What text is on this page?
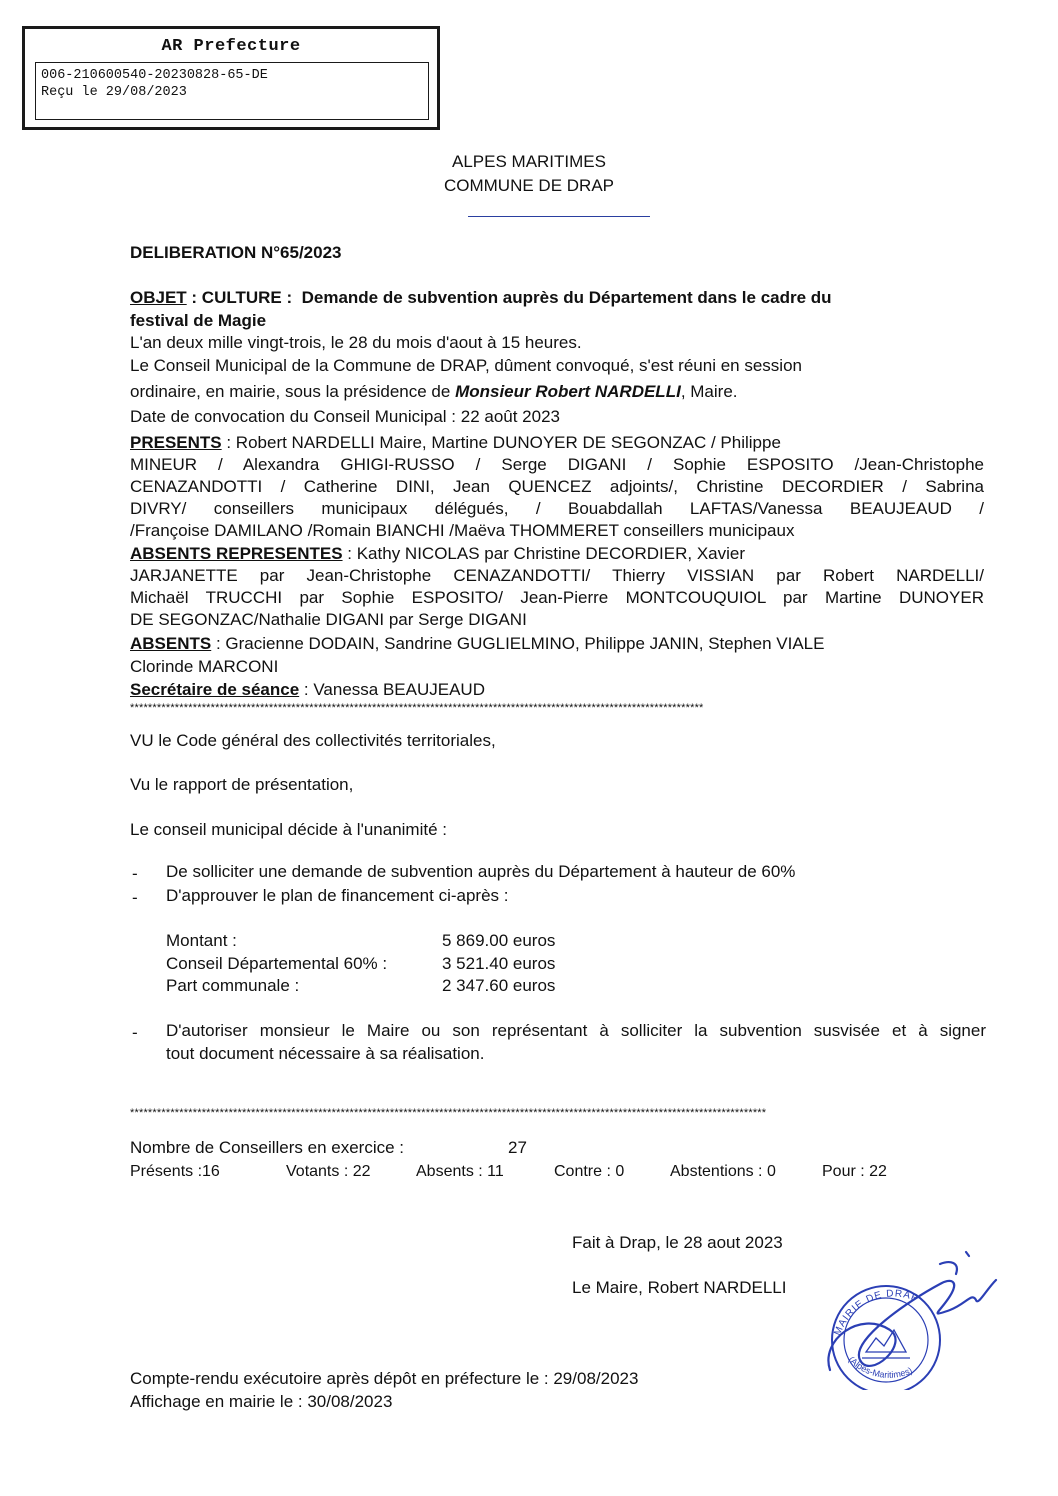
AR Prefecture
006-210600540-20230828-65-DE
Reçu le 29/08/2023
ALPES MARITIMES
COMMUNE DE DRAP
DELIBERATION N°65/2023
OBJET : CULTURE : Demande de subvention auprès du Département dans le cadre du
festival de Magie
L'an deux mille vingt-trois, le 28 du mois d'aout à 15 heures.
Le Conseil Municipal de la Commune de DRAP, dûment convoqué, s'est réuni en session
ordinaire, en mairie, sous la présidence de Monsieur Robert NARDELLI, Maire.
Date de convocation du Conseil Municipal : 22 août 2023
PRESENTS : Robert NARDELLI Maire, Martine DUNOYER DE SEGONZAC / Philippe
MINEUR / Alexandra GHIGI-RUSSO / Serge DIGANI / Sophie ESPOSITO /Jean-Christophe
CENAZANDOTTI / Catherine DINI, Jean QUENCEZ adjoints/, Christine DECORDIER / Sabrina
DIVRY/ conseillers municipaux délégués, / Bouabdallah LAFTAS/Vanessa BEAUJEAUD /
/Françoise DAMILANO /Romain BIANCHI /Maëva THOMMERET conseillers municipaux
ABSENTS REPRESENTES : Kathy NICOLAS par Christine DECORDIER, Xavier
JARJANETTE par Jean-Christophe CENAZANDOTTI/ Thierry VISSIAN par Robert NARDELLI/
Michaël TRUCCHI par Sophie ESPOSITO/ Jean-Pierre MONTCOUQUIOL par Martine DUNOYER
DE SEGONZAC/Nathalie DIGANI par Serge DIGANI
ABSENTS : Gracienne DODAIN, Sandrine GUGLIELMINO, Philippe JANIN, Stephen VIALE
Clorinde MARCONI
Secrétaire de séance : Vanessa BEAUJEAUD
********************************************************************************************************************************
VU le Code général des collectivités territoriales,
Vu le rapport de présentation,
Le conseil municipal décide à l'unanimité :
- De solliciter une demande de subvention auprès du Département à hauteur de 60%
- D'approuver le plan de financement ci-après :
Montant :	5 869.00 euros
Conseil Départemental 60% :	3 521.40 euros
Part communale :	2 347.60 euros
- D'autoriser monsieur le Maire ou son représentant à solliciter la subvention susvisée et à signer
tout document nécessaire à sa réalisation.
**********************************************************************************************************************************************
Nombre de Conseillers en exercice :	27
Présents :16	Votants : 22	Absents : 11	Contre : 0	Abstentions : 0	Pour : 22
Fait à Drap, le 28 aout 2023
Le Maire, Robert NARDELLI
MAIRIE DE DRAP
(Alpes-Maritimes)
Compte-rendu exécutoire après dépôt en préfecture le : 29/08/2023
Affichage en mairie le : 30/08/2023
